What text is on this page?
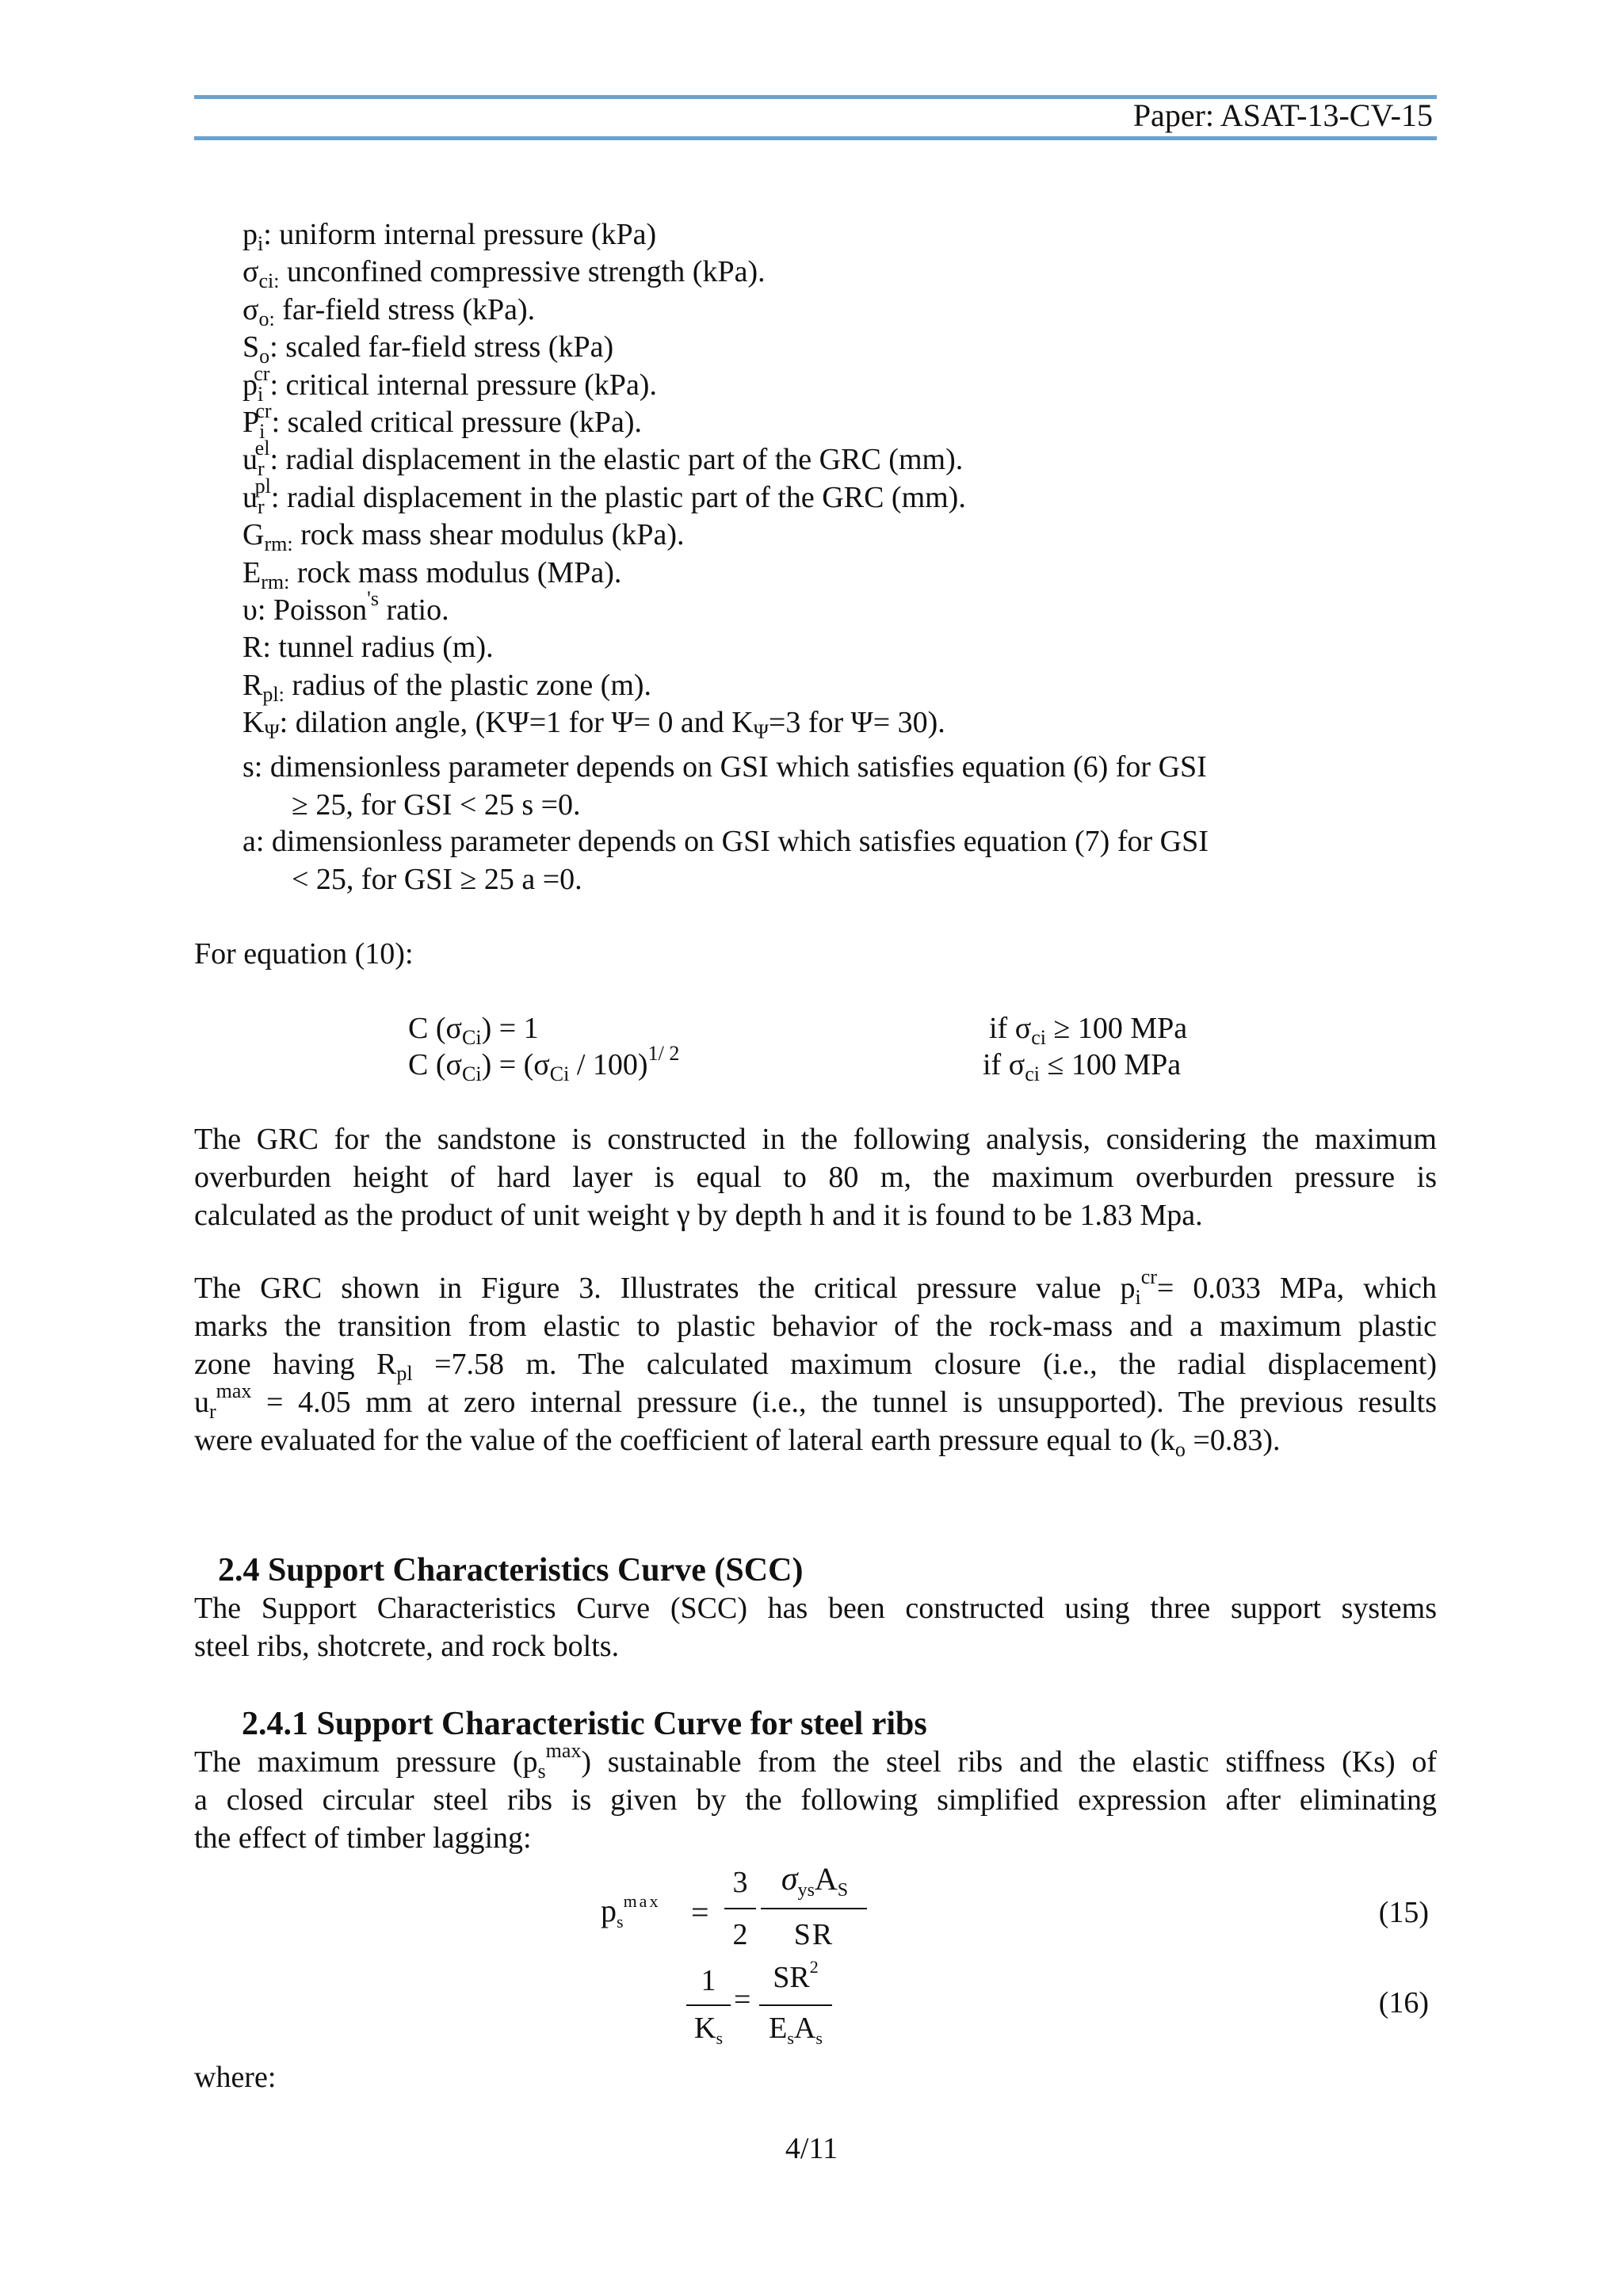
Paper: ASAT-13-CV-15
$p_i$: uniform internal pressure (kPa)
$\sigma_{ci:}$ unconfined compressive strength (kPa).
$\sigma_{o:}$ far-field stress (kPa).
$S_o$: scaled far-field stress (kPa)
$p_i^{cr}$: critical internal pressure (kPa).
$P_i^{cr}$: scaled critical pressure (kPa).
$u_r^{el}$: radial displacement in the elastic part of the GRC (mm).
$u_r^{pl}$: radial displacement in the plastic part of the GRC (mm).
$G_{rm:}$ rock mass shear modulus (kPa).
$E_{rm:}$ rock mass modulus (MPa).
υ: Poisson$^{'s}$ ratio.
R: tunnel radius (m).
$R_{pl:}$ radius of the plastic zone (m).
$K_\Psi$: dilation angle, (KΨ=1 for Ψ= 0 and $K_\Psi=3$ for Ψ= 30).
s: dimensionless parameter depends on GSI which satisfies equation (6) for GSI
≥ 25, for GSI < 25 s =0.
a: dimensionless parameter depends on GSI which satisfies equation (7) for GSI
< 25, for GSI ≥ 25 a =0.
For equation (10):
C $(\sigma_{Ci}) = 1$	if $\sigma_{ci} \ge 100$ MPa
C $(\sigma_{Ci}) = (\sigma_{Ci} / 100)^{1/ 2}$	if $\sigma_{ci} \le 100$ MPa
The GRC for the sandstone is constructed in the following analysis, considering the maximum
overburden height of hard layer is equal to 80 m, the maximum overburden pressure is
calculated as the product of unit weight γ by depth h and it is found to be 1.83 Mpa.
The GRC shown in Figure 3. Illustrates the critical pressure value $p_i^{cr}= 0.033$ MPa, which
marks the transition from elastic to plastic behavior of the rock-mass and a maximum plastic
zone having $R_{pl} =7.58$ m. The calculated maximum closure (i.e., the radial displacement)
$u_r^{max} = 4.05$ mm at zero internal pressure (i.e., the tunnel is unsupported). The previous results
were evaluated for the value of the coefficient of lateral earth pressure equal to $(k_o =0.83)$.
2.4 Support Characteristics Curve (SCC)
The Support Characteristics Curve (SCC) has been constructed using three support systems
steel ribs, shotcrete, and rock bolts.
2.4.1 Support Characteristic Curve for steel ribs
The maximum pressure $(p_s^{max})$ sustainable from the steel ribs and the elastic stiffness (Ks) of
a closed circular steel ribs is given by the following simplified expression after eliminating
the effect of timber lagging:
$p_s^{max}$ =
3
2
$\sigma_{ys}A_S$
SR
(15)
1
$K_s$
=
$SR^2$
$E_sA_s$
(16)
where:
4/11
